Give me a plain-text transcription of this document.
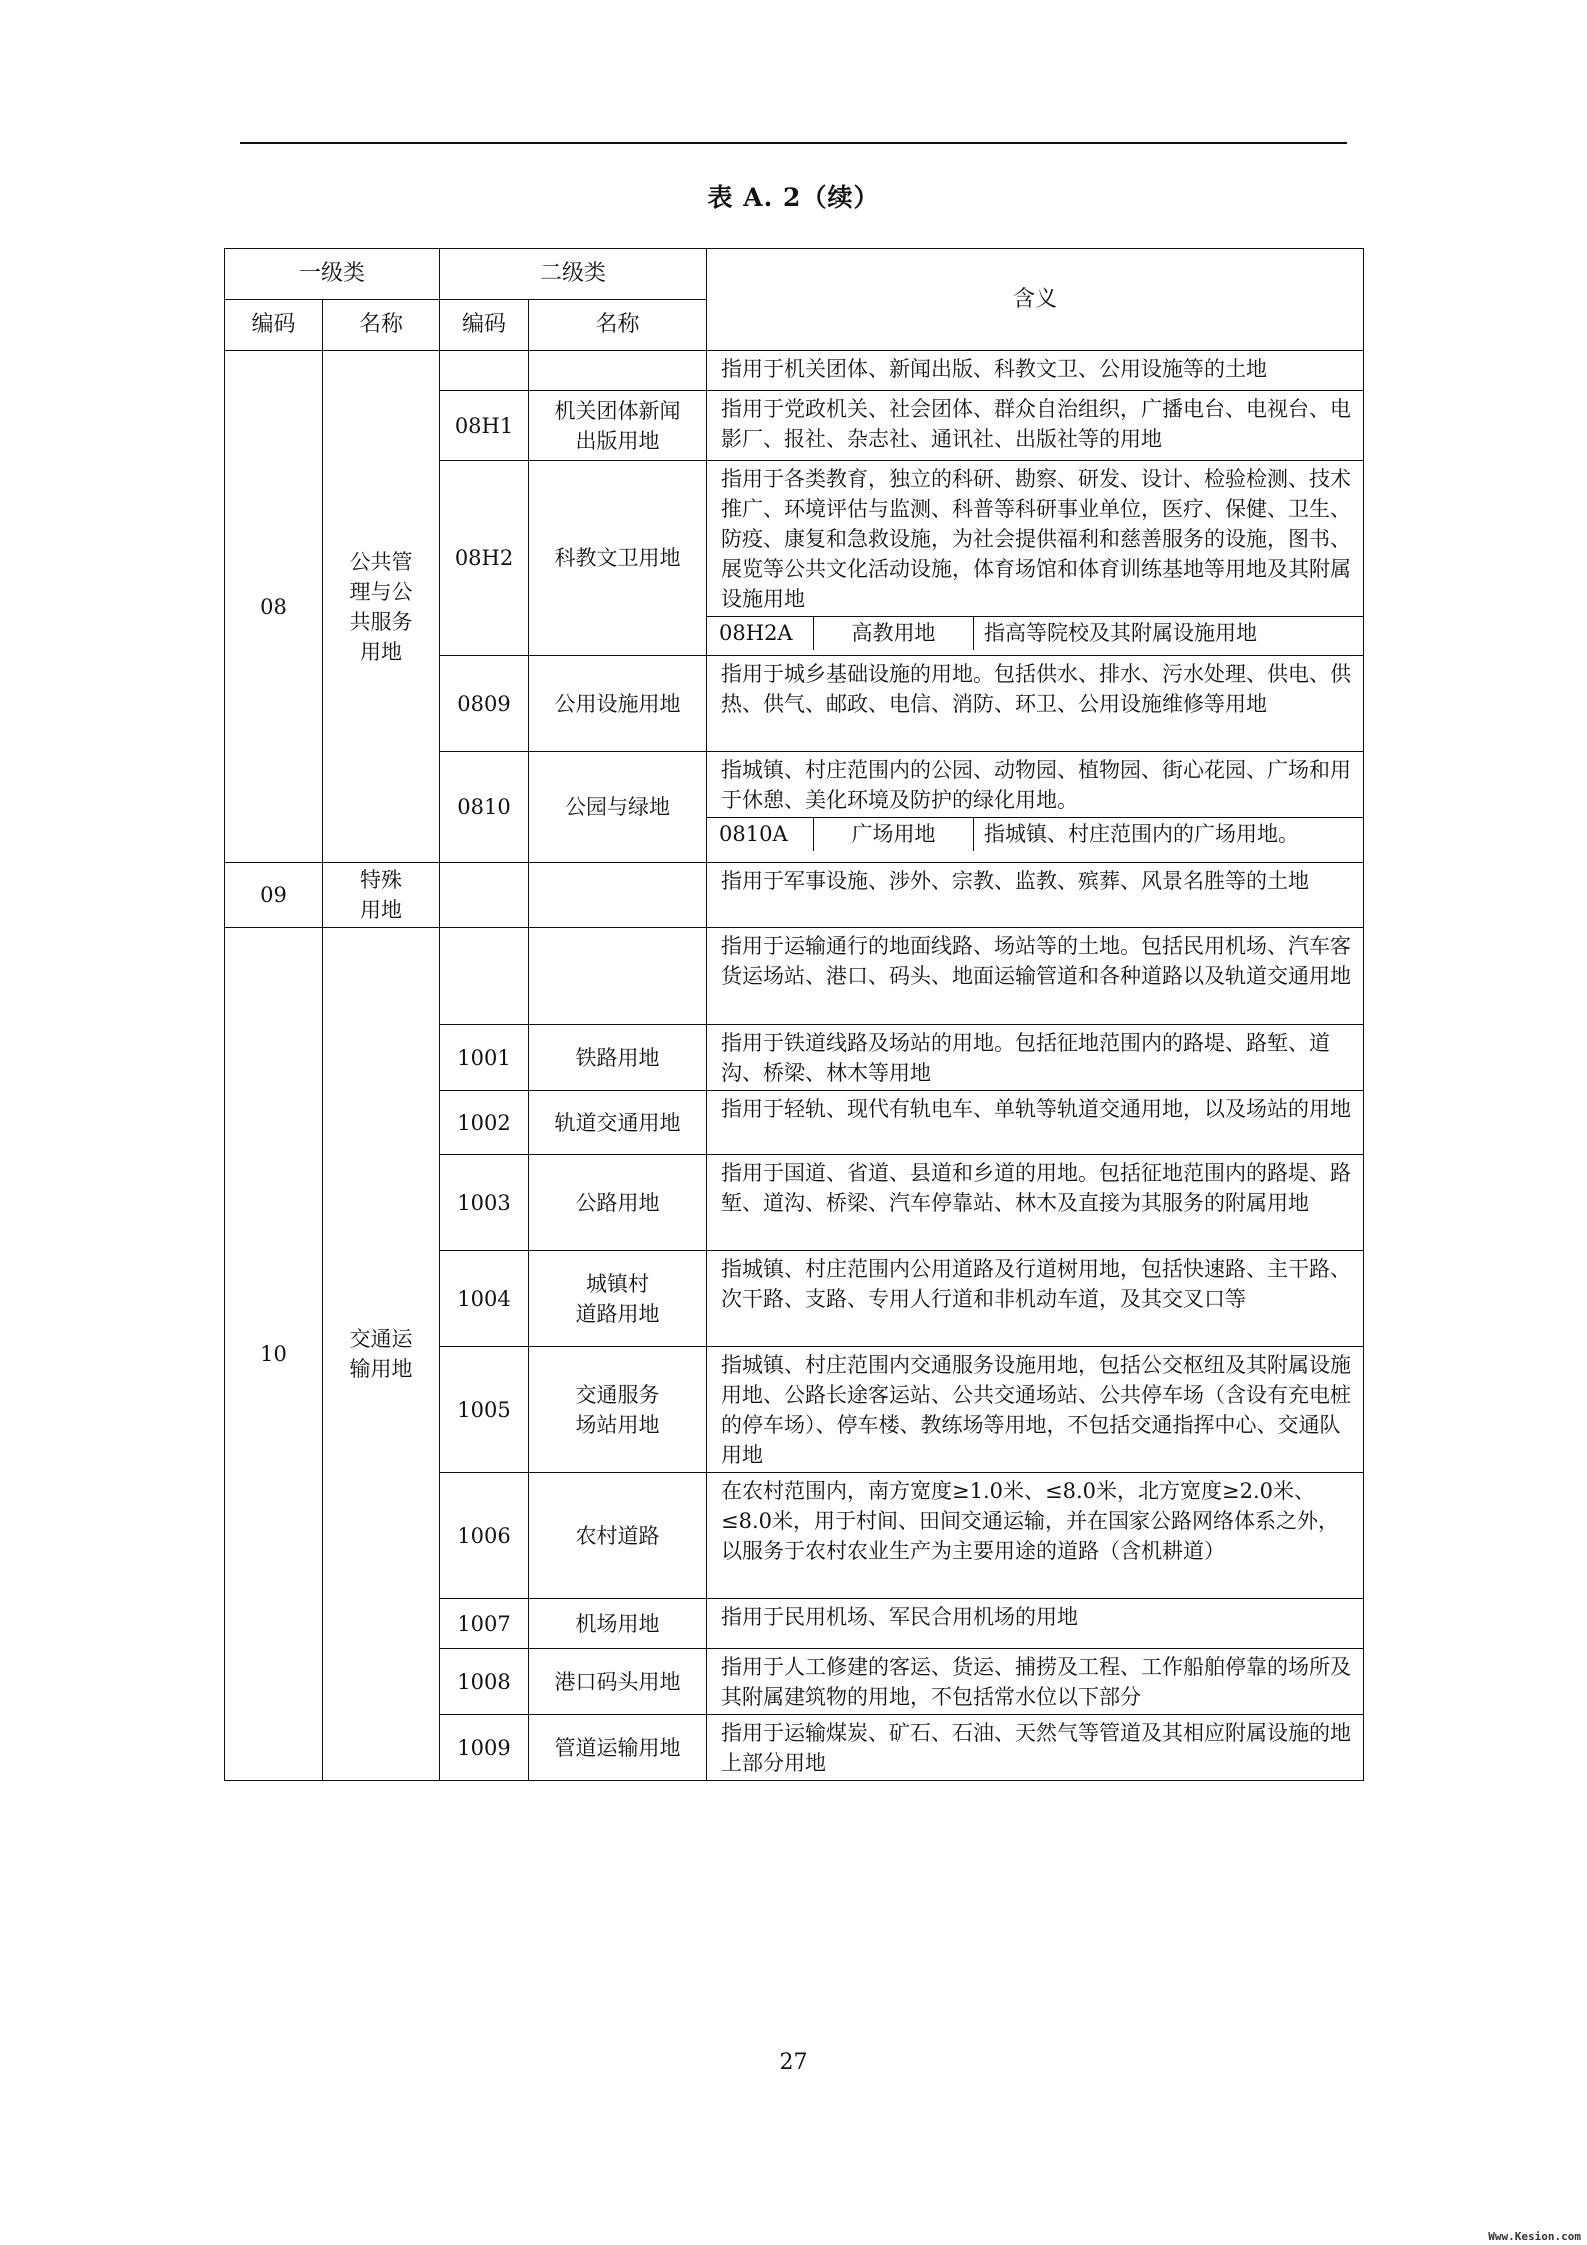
表 A. 2（续）
一级类		二级类		含义
编码	名称	编码	名称	
08	公共管
理与公
共服务
用地			指用于机关团体、新闻出版、科教文卫、公用设施等的土地
		08H1	机关团体新闻
出版用地	指用于党政机关、社会团体、群众自治组织，广播电台、电视台、电影厂、报社、杂志社、通讯社、出版社等的用地
		08H2	科教文卫用地	指用于各类教育，独立的科研、勘察、研发、设计、检验检测、技术推广、环境评估与监测、科普等科研事业单位，医疗、保健、卫生、防疫、康复和急救设施，为社会提供福利和慈善服务的设施，图书、展览等公共文化活动设施，体育场馆和体育训练基地等用地及其附属设施用地
08H2A 高教用地 指高等院校及其附属设施用地

		0809	公用设施用地	指用于城乡基础设施的用地。包括供水、排水、污水处理、供电、供热、供气、邮政、电信、消防、环卫、公用设施维修等用地
		0810	公园与绿地	指城镇、村庄范围内的公园、动物园、植物园、街心花园、广场和用于休憩、美化环境及防护的绿化用地。
0810A 广场用地 指城镇、村庄范围内的广场用地。

09	特殊
用地			指用于军事设施、涉外、宗教、监教、殡葬、风景名胜等的土地
10	交通运
输用地			指用于运输通行的地面线路、场站等的土地。包括民用机场、汽车客货运场站、港口、码头、地面运输管道和各种道路以及轨道交通用地
		1001	铁路用地	指用于铁道线路及场站的用地。包括征地范围内的路堤、路堑、道沟、桥梁、林木等用地
		1002	轨道交通用地	指用于轻轨、现代有轨电车、单轨等轨道交通用地，以及场站的用地
		1003	公路用地	指用于国道、省道、县道和乡道的用地。包括征地范围内的路堤、路堑、道沟、桥梁、汽车停靠站、林木及直接为其服务的附属用地
		1004	城镇村
道路用地	指城镇、村庄范围内公用道路及行道树用地，包括快速路、主干路、次干路、支路、专用人行道和非机动车道，及其交叉口等
		1005	交通服务
场站用地	指城镇、村庄范围内交通服务设施用地，包括公交枢纽及其附属设施用地、公路长途客运站、公共交通场站、公共停车场（含设有充电桩的停车场）、停车楼、教练场等用地，不包括交通指挥中心、交通队用地
		1006	农村道路	在农村范围内，南方宽度≥1.0米、≤8.0米，北方宽度≥2.0米、≤8.0米，用于村间、田间交通运输，并在国家公路网络体系之外，以服务于农村农业生产为主要用途的道路（含机耕道）
		1007	机场用地	指用于民用机场、军民合用机场的用地
		1008	港口码头用地	指用于人工修建的客运、货运、捕捞及工程、工作船舶停靠的场所及其附属建筑物的用地，不包括常水位以下部分
		1009	管道运输用地	指用于运输煤炭、矿石、石油、天然气等管道及其相应附属设施的地上部分用地
27
Www.Kesion.com
